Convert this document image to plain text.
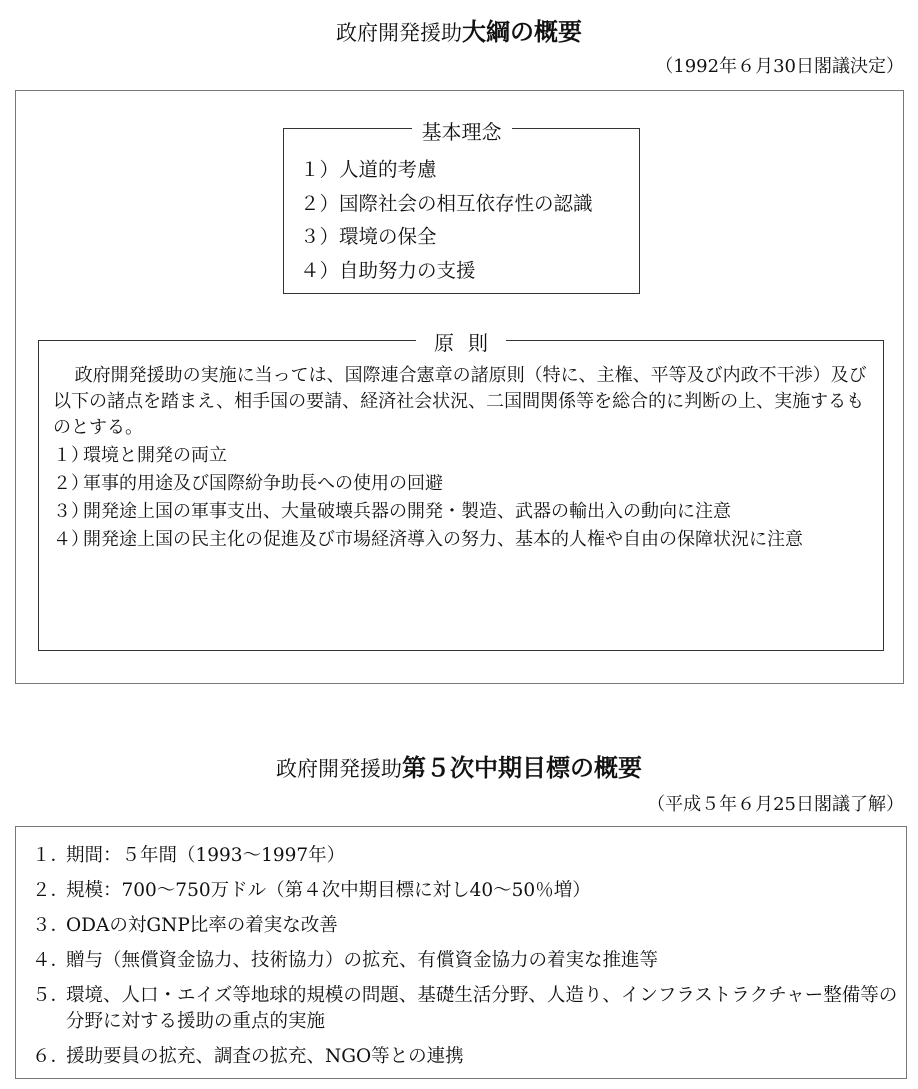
政府開発援助大綱の概要
（1992年６月30日閣議決定）
基本理念
１）人道的考慮
２）国際社会の相互依存性の認識
３）環境の保全
４）自助努力の支援
原則

政府開発援助の実施に当っては、国際連合憲章の諸原則（特に、主権、平等及び内政不干渉）及び以下の諸点を踏まえ、相手国の要請、経済社会状況、二国間関係等を総合的に判断の上、実施するものとする。

１）
環境と開発の両立
２）
軍事的用途及び国際紛争助長への使用の回避
３）
開発途上国の軍事支出、大量破壊兵器の開発・製造、武器の輸出入の動向に注意
４）
開発途上国の民主化の促進及び市場経済導入の努力、基本的人権や自由の保障状況に注意
政府開発援助第５次中期目標の概要
（平成５年６月25日閣議了解）
１．
期間：５年間（1993～1997年）
２．
規模：700～750万ドル（第４次中期目標に対し40～50％増）
３．
ODAの対GNP比率の着実な改善
４．
贈与（無償資金協力、技術協力）の拡充、有償資金協力の着実な推進等
５．
環境、人口・エイズ等地球的規模の問題、基礎生活分野、人造り、インフラストラクチャー整備等の分野に対する援助の重点的実施
６．
援助要員の拡充、調査の拡充、NGO等との連携
